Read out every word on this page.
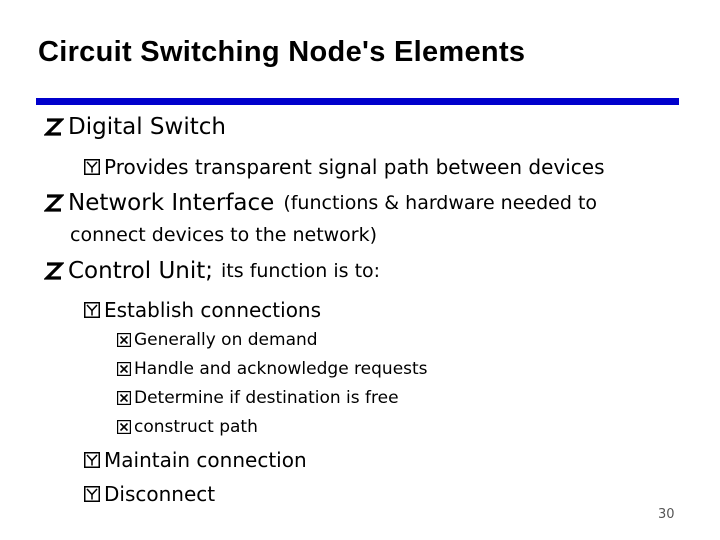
Circuit Switching Node's Elements
Digital Switch
Provides transparent signal path between devices
Network Interface (functions & hardware needed to
connect devices to the network)
Control Unit; its function is to:
Establish connections
Generally on demand
Handle and acknowledge requests
Determine if destination is free
construct path
Maintain connection
Disconnect
30
